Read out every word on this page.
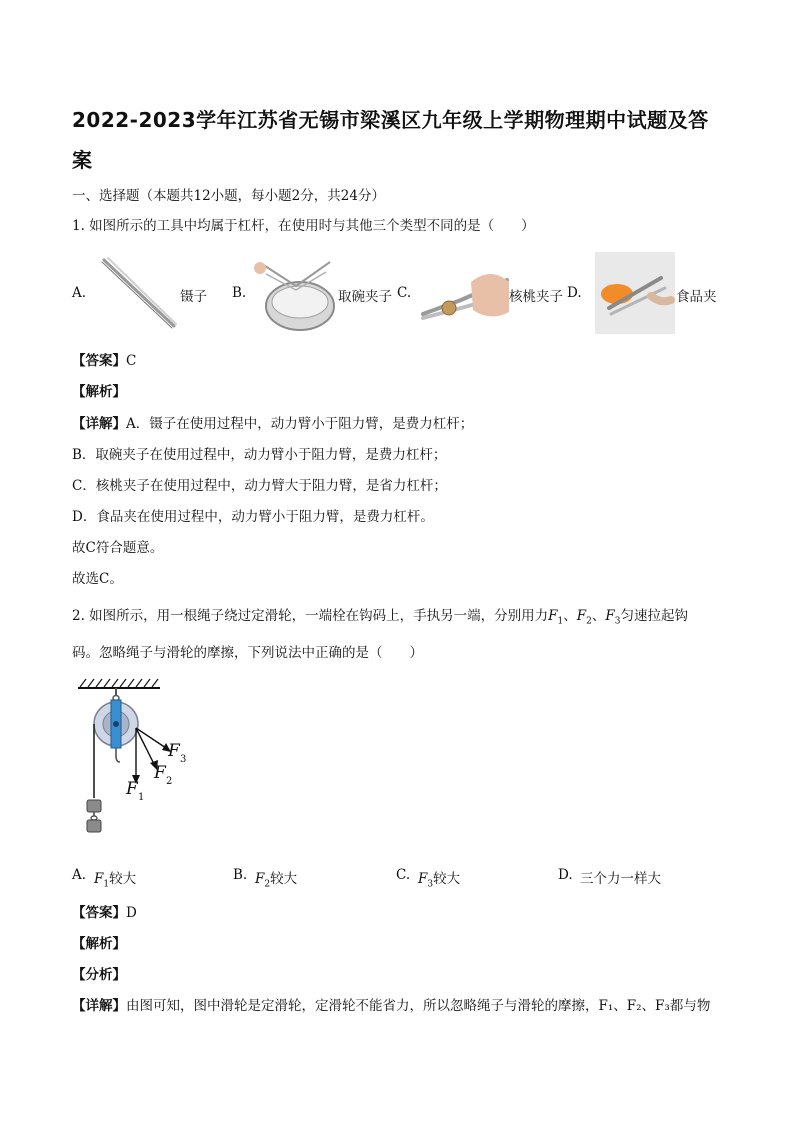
2022-2023学年江苏省无锡市梁溪区九年级上学期物理期中试题及答
案
一、选择题（本题共12小题，每小题2分，共24分）
1. 如图所示的工具中均属于杠杆，在使用时与其他三个类型不同的是（　　）
A.	镊子 B.	取碗夹子 C.	核桃夹子 D.	食品夹
【答案】C
【解析】
【详解】A．镊子在使用过程中，动力臂小于阻力臂，是费力杠杆；
B．取碗夹子在使用过程中，动力臂小于阻力臂，是费力杠杆；
C．核桃夹子在使用过程中，动力臂大于阻力臂，是省力杠杆；
D．食品夹在使用过程中，动力臂小于阻力臂，是费力杠杆。
故C符合题意。
故选C。
2. 如图所示，用一根绳子绕过定滑轮，一端栓在钩码上，手执另一端，分别用力$F_1$、$F_2$、$F_3$匀速拉起钩
码。忽略绳子与滑轮的摩擦，下列说法中正确的是（　　）
F 1
F 2
F 3
A. $F_1$较大	B. $F_2$较大	C. $F_3$较大	D. 三个力一样大
【答案】D
【解析】
【分析】
【详解】由图可知，图中滑轮是定滑轮，定滑轮不能省力，所以忽略绳子与滑轮的摩擦，F₁、F₂、F₃都与物
